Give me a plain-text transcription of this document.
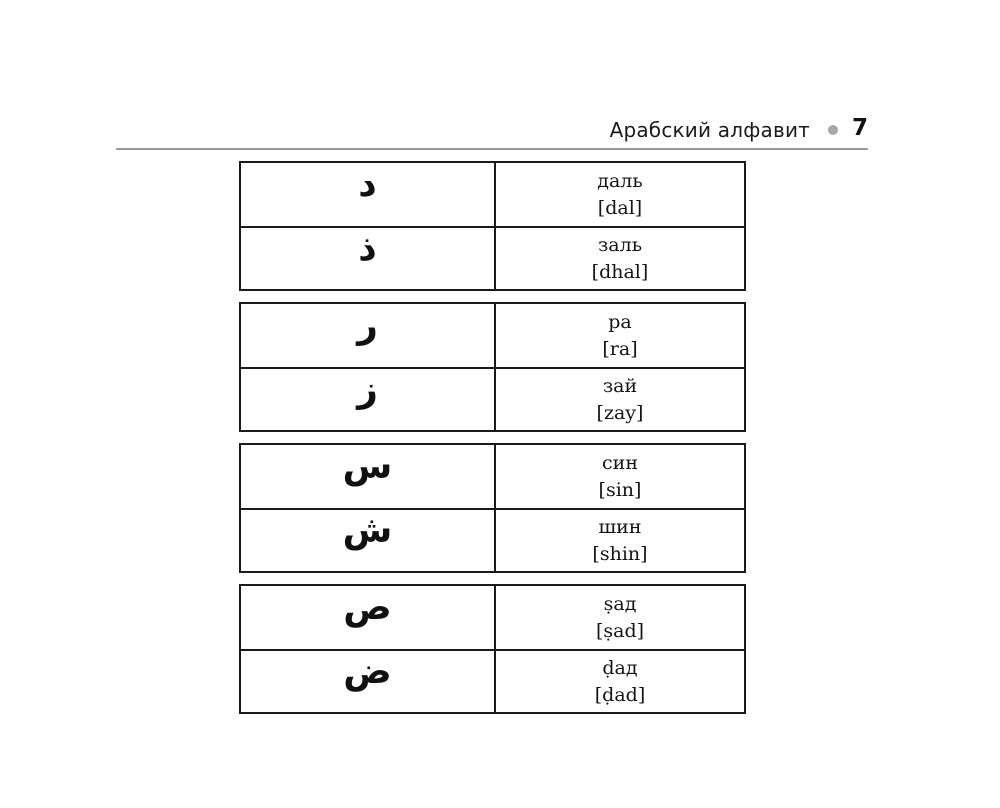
Арабский алфавит 7
د	даль
[dal]
ذ	заль
[dhal]
ر	ра
[ra]
ز	зай
[zay]
س	син
[sin]
ش	шин
[shin]
ص	ṣад
[ṣad]
ض	ḍад
[ḍad]
